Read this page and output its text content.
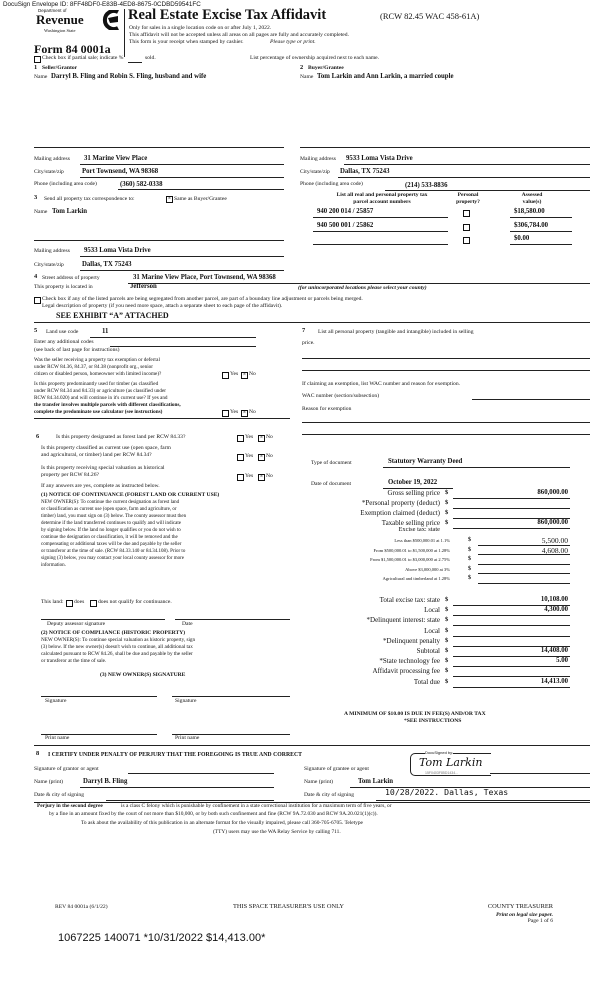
DocuSign Envelope ID: 8FF48DF0-E83B-4ED8-8675-0CDBD59541FC
Department of
Revenue
Washington State
Real Estate Excise Tax Affidavit	(RCW 82.45 WAC 458-61A)
Only for sales in a single location code on or after July 1, 2022.
This affidavit will not be accepted unless all areas on all pages are fully and accurately completed.
This form is your receipt when stamped by cashier.	Please type or print.
Form 84 0001a
Check box if partial sale; indicate %	sold.	List percentage of ownership acquired next to each name.
1 Seller/Grantor
Name Darryl B. Fling and Robin S. Fling, husband and wife
Mailing address 31 Marine View Place
City/state/zip	Port Townsend, WA 98368
Phone (including area code)	(360) 582-0338
2 Buyer/Grantee
Name Tom Larkin and Ann Larkin, a married couple
Mailing address 9533 Loma Vista Drive
City/state/zip Dallas, TX 75243
Phone (including area code)	(214) 533-8836
3 Send all property tax correspondence to:	× Same as Buyer/Grantee
Name Tom Larkin
Mailing address 9533 Loma Vista Drive
City/state/zip	Dallas, TX 75243
List all real and personal property tax
parcel account numbers
Personal
property?
Assessed
value(s)
940 200 014 / 25857	$18,580.00
940 500 001 / 25862	$306,784.00
$0.00
4 Street address of property	31 Marine View Place, Port Townsend, WA 98368
This property is located in	Jefferson	(for unincorporated locations please select your county)
Check box if any of the listed parcels are being segregated from another parcel, are part of a boundary line adjustment or parcels being merged.
Legal description of property (if you need more space, attach a separate sheet to each page of the affidavit).
SEE EXHIBIT “A” ATTACHED
5 Land use code	11
Enter any additional codes
(see back of last page for instructions)
Was the seller receiving a property tax exemption or deferral
under RCW 84.36, 84.37, or 84.38 (nonprofit org., senior
citizen or disabled person, homeowner with limited income)?	Yes × No
Is this property predominantly used for timber (as classified
under RCW 84.34 and 84.33) or agriculture (as classified under
RCW 84.34.020) and will continue in it's current use? If yes and
the transfer involves multiple parcels with different classifications,
complete the predominate use calculator (see instructions)	Yes × No
6	Is this property designated as forest land per RCW 84.33?	Yes × No
Is this property classified as current use (open space, farm
and agricultural, or timber) land per RCW 84.34?	Yes × No
Is this property receiving special valuation as historical
property per RCW 84.26?	Yes × No
If any answers are yes, complete as instructed below.
(1) NOTICE OF CONTINUANCE (FOREST LAND OR CURRENT USE)
NEW OWNER(S): To continue the current designation as forest land
or classification as current use (open space, farm and agriculture, or
timber) land, you must sign on (3) below. The county assessor must then
determine if the land transferred continues to qualify and will indicate
by signing below. If the land no longer qualifies or you do not wish to
continue the designation or classification, it will be removed and the
compensating or additional taxes will be due and payable by the seller
or transferor at the time of sale. (RCW 84.33.140 or 84.34.108). Prior to
signing (3) below, you may contact your local county assessor for more
information.
This land: does does not qualify for continuance.
Deputy assessor signature	Date
(2) NOTICE OF COMPLIANCE (HISTORIC PROPERTY)
NEW OWNER(S): To continue special valuation as historic property, sign
(3) below. If the new owner(s) doesn't wish to continue, all additional tax
calculated pursuant to RCW 84.26, shall be due and payable by the seller
or transferor at the time of sale.
(3) NEW OWNER(S) SIGNATURE
Signature	Signature
Print name	Print name
7 List all personal property (tangible and intangible) included in selling
price.
If claiming an exemption, list WAC number and reason for exemption.
WAC number (section/subsection)
Reason for exemption
Type of document	Statutory Warranty Deed
Date of document	October 19, 2022
Excise tax: state
A MINIMUM OF $10.00 IS DUE IN FEE(S) AND/OR TAX
*SEE INSTRUCTIONS
8 I CERTIFY UNDER PENALTY OF PERJURY THAT THE FOREGOING IS TRUE AND CORRECT
Signature of grantor or agent
Name (print)	Darryl B. Fling
Date & city of signing
Signature of grantee or agent
DocuSigned by:
Tom Larkin
15F0403F85D1434...
Name (print)	Tom Larkin
Date & city of signing	10/28/2022. Dallas, Texas
Perjury in the second degree	is a class C felony which is punishable by confinement in a state correctional institution for a maximum term of five years, or
by a fine in an amount fixed by the court of not more than $10,000, or by both such confinement and fine (RCW 9A.72.030 and RCW 9A.20.021(1)(c)).
To ask about the availability of this publication in an alternate format for the visually impaired, please call 360-705-6705. Teletype
(TTY) users may use the WA Relay Service by calling 711.
REV 84 0001a (6/1/22)	THIS SPACE TREASURER'S USE ONLY	COUNTY TREASURER
Print on legal size paper.
Page 1 of 6
1067225 140071 *10/31/2022 $14,413.00*
Gross selling price $	860,000.00
*Personal property (deduct) $
Exemption claimed (deduct) $
Taxable selling price $	860,000.00
Less than $500,000.01 at 1.1%	$	5,500.00
From $500,000.01 to $1,500,000 at 1.28%	$	4,608.00
From $1,500,000.01 to $3,000,000 at 2.75%	$
Above $3,000,000 at 3%	$
Agricultural and timberland at 1.28%	$
Total excise tax: state $	10,108.00
Local $	4,300.00
*Delinquent interest: state $
Local $
*Delinquent penalty $
Subtotal $	14,408.00
*State technology fee $	5.00
Affidavit processing fee $
Total due $	14,413.00
